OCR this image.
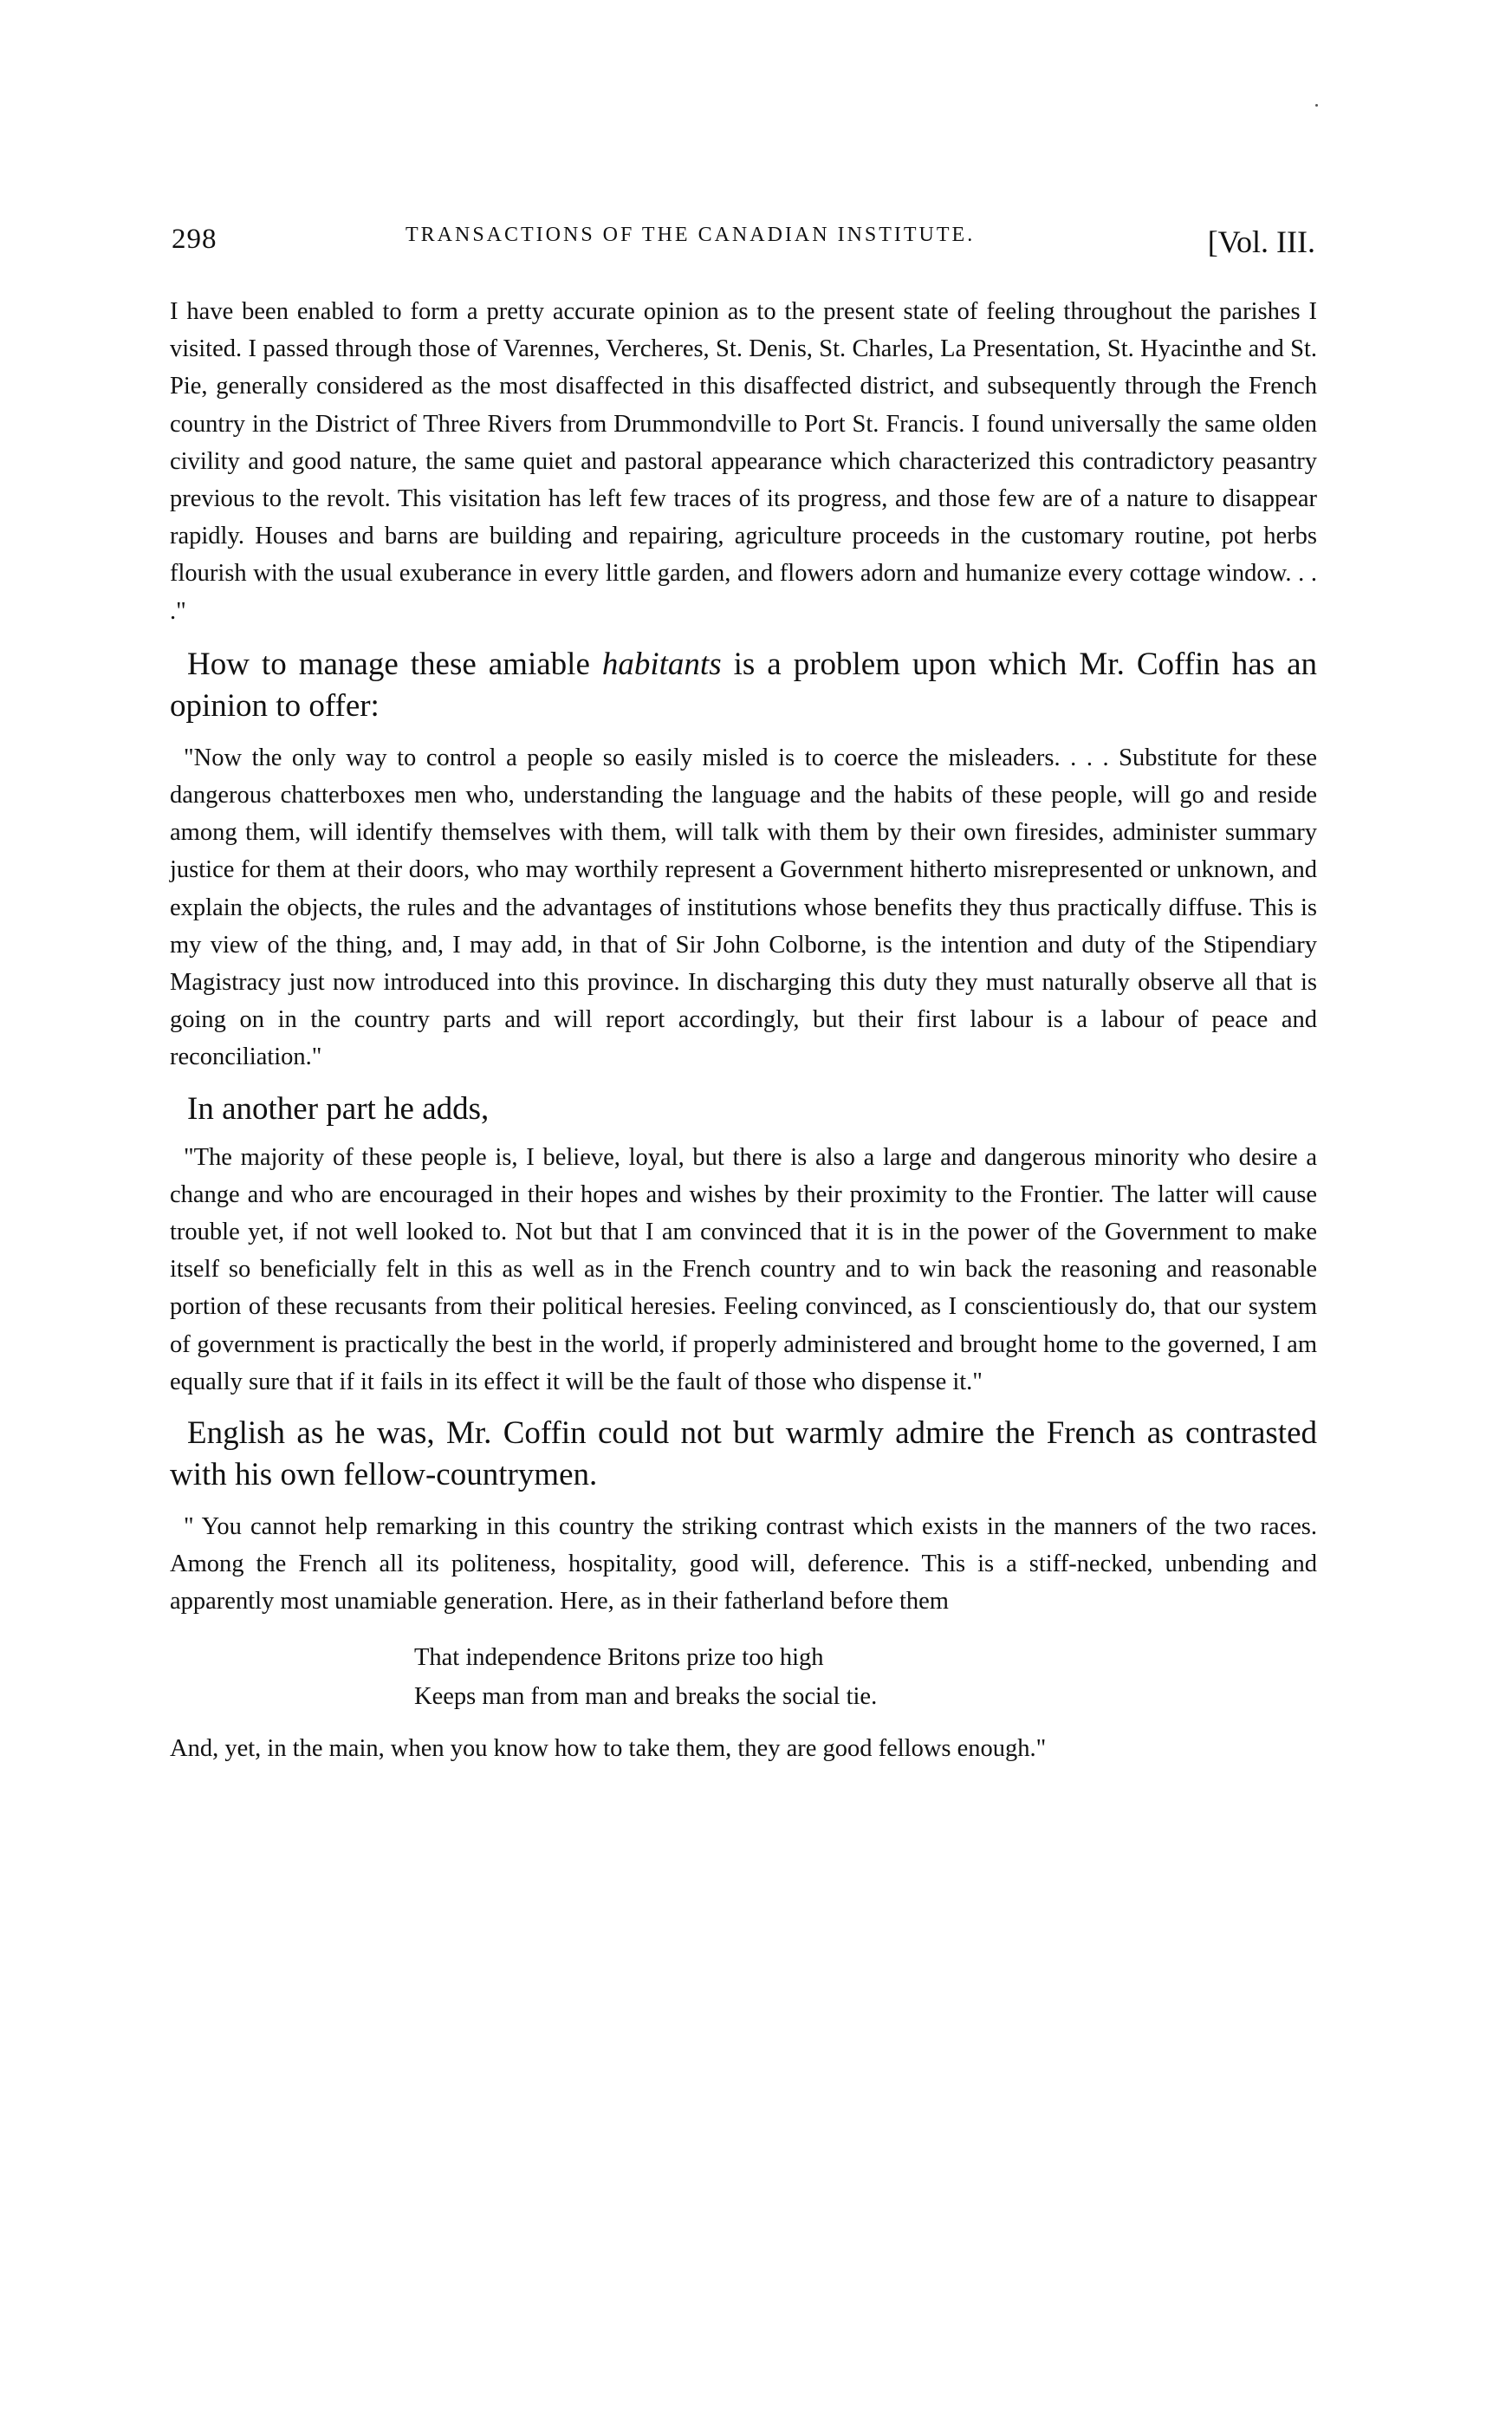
298	TRANSACTIONS OF THE CANADIAN INSTITUTE.	[Vol. III.

I have been enabled to form a pretty accurate opinion as to the present state of feeling throughout the parishes I visited. I passed through those of Varennes, Vercheres, St. Denis, St. Charles, La Presentation, St. Hyacinthe and St. Pie, generally considered as the most disaffected in this disaffected district, and subsequently through the French country in the District of Three Rivers from Drummondville to Port St. Francis. I found universally the same olden civility and good nature, the same quiet and pastoral appearance which characterized this contradictory peasantry previous to the revolt. This visitation has left few traces of its progress, and those few are of a nature to disappear rapidly. Houses and barns are building and repairing, agriculture proceeds in the customary routine, pot herbs flourish with the usual exuberance in every little garden, and flowers adorn and humanize every cottage window. . . ."

How to manage these amiable habitants is a problem upon which Mr. Coffin has an opinion to offer:

"Now the only way to control a people so easily misled is to coerce the misleaders. . . . Substitute for these dangerous chatterboxes men who, understanding the language and the habits of these people, will go and reside among them, will identify themselves with them, will talk with them by their own firesides, administer summary justice for them at their doors, who may worthily represent a Government hitherto misrepresented or unknown, and explain the objects, the rules and the advantages of institutions whose benefits they thus practically diffuse. This is my view of the thing, and, I may add, in that of Sir John Colborne, is the intention and duty of the Stipendiary Magistracy just now introduced into this province. In discharging this duty they must naturally observe all that is going on in the country parts and will report accordingly, but their first labour is a labour of peace and reconciliation."

In another part he adds,

"The majority of these people is, I believe, loyal, but there is also a large and dangerous minority who desire a change and who are encouraged in their hopes and wishes by their proximity to the Frontier. The latter will cause trouble yet, if not well looked to. Not but that I am convinced that it is in the power of the Government to make itself so beneficially felt in this as well as in the French country and to win back the reasoning and reasonable portion of these recusants from their political heresies. Feeling convinced, as I conscientiously do, that our system of government is practically the best in the world, if properly administered and brought home to the governed, I am equally sure that if it fails in its effect it will be the fault of those who dispense it."

English as he was, Mr. Coffin could not but warmly admire the French as contrasted with his own fellow-countrymen.

" You cannot help remarking in this country the striking contrast which exists in the manners of the two races. Among the French all its politeness, hospitality, good will, deference. This is a stiff-necked, unbending and apparently most unamiable generation. Here, as in their fatherland before them

That independence Britons prize too high
Keeps man from man and breaks the social tie.

And, yet, in the main, when you know how to take them, they are good fellows enough."
